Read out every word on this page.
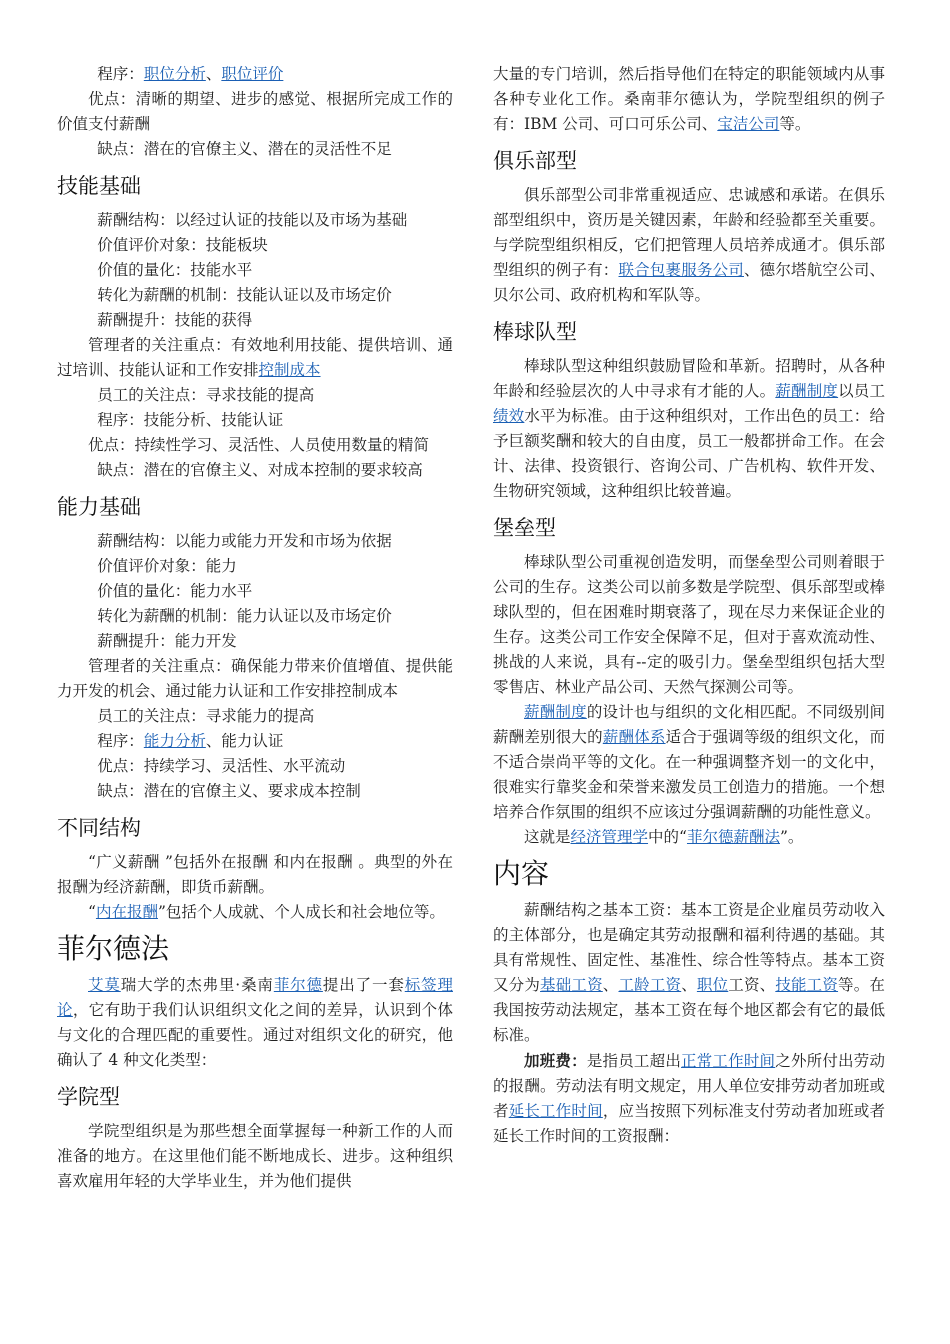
程序：职位分析、职位评价

优点：清晰的期望、进步的感觉、根据所完成工作的价值支付薪酬

缺点：潜在的官僚主义、潜在的灵活性不足

技能基础

薪酬结构：以经过认证的技能以及市场为基础

价值评价对象：技能板块

价值的量化：技能水平

转化为薪酬的机制：技能认证以及市场定价

薪酬提升：技能的获得

管理者的关注重点：有效地利用技能、提供培训、通过培训、技能认证和工作安排控制成本

员工的关注点：寻求技能的提高

程序：技能分析、技能认证

优点：持续性学习、灵活性、人员使用数量的精简

缺点：潜在的官僚主义、对成本控制的要求较高

能力基础

薪酬结构：以能力或能力开发和市场为依据

价值评价对象：能力

价值的量化：能力水平

转化为薪酬的机制：能力认证以及市场定价

薪酬提升：能力开发

管理者的关注重点：确保能力带来价值增值、提供能力开发的机会、通过能力认证和工作安排控制成本

员工的关注点：寻求能力的提高

程序：能力分析、能力认证

优点：持续学习、灵活性、水平流动

缺点：潜在的官僚主义、要求成本控制

不同结构

“广义薪酬 ”包括外在报酬 和内在报酬 。典型的外在报酬为经济薪酬，即货币薪酬。

“内在报酬”包括个人成就、个人成长和社会地位等。

菲尔德法

艾莫瑞大学的杰弗里·桑南菲尔德提出了一套标签理论，它有助于我们认识组织文化之间的差异，认识到个体与文化的合理匹配的重要性。通过对组织文化的研究，他确认了 4 种文化类型：

学院型

学院型组织是为那些想全面掌握每一种新工作的人而准备的地方。在这里他们能不断地成长、进步。这种组织喜欢雇用年轻的大学毕业生，并为他们提供

大量的专门培训，然后指导他们在特定的职能领域内从事各种专业化工作。桑南菲尔德认为，学院型组织的例子有：IBM 公司、可口可乐公司、宝洁公司等。

俱乐部型

俱乐部型公司非常重视适应、忠诚感和承诺。在俱乐部型组织中，资历是关键因素，年龄和经验都至关重要。与学院型组织相反，它们把管理人员培养成通才。俱乐部型组织的例子有：联合包裹服务公司、德尔塔航空公司、贝尔公司、政府机构和军队等。

棒球队型

棒球队型这种组织鼓励冒险和革新。招聘时，从各种年龄和经验层次的人中寻求有才能的人。薪酬制度以员工绩效水平为标准。由于这种组织对，工作出色的员工：给予巨额奖酬和较大的自由度，员工一般都拼命工作。在会计、法律、投资银行、咨询公司、广告机构、软件开发、生物研究领域，这种组织比较普遍。

堡垒型

棒球队型公司重视创造发明，而堡垒型公司则着眼于公司的生存。这类公司以前多数是学院型、俱乐部型或棒球队型的，但在困难时期衰落了，现在尽力来保证企业的生存。这类公司工作安全保障不足，但对于喜欢流动性、挑战的人来说，具有--定的吸引力。堡垒型组织包括大型零售店、林业产品公司、天然气探测公司等。

薪酬制度的设计也与组织的文化相匹配。不同级别间薪酬差别很大的薪酬体系适合于强调等级的组织文化，而不适合崇尚平等的文化。在一种强调整齐划一的文化中，很难实行靠奖金和荣誉来激发员工创造力的措施。一个想培养合作氛围的组织不应该过分强调薪酬的功能性意义。

这就是经济管理学中的“菲尔德薪酬法”。

内容

薪酬结构之基本工资：基本工资是企业雇员劳动收入的主体部分，也是确定其劳动报酬和福利待遇的基础。其具有常规性、固定性、基准性、综合性等特点。基本工资又分为基础工资、工龄工资、职位工资、技能工资等。在我国按劳动法规定，基本工资在每个地区都会有它的最低标准。

加班费：是指员工超出正常工作时间之外所付出劳动的报酬。劳动法有明文规定，用人单位安排劳动者加班或者延长工作时间，应当按照下列标准支付劳动者加班或者延长工作时间的工资报酬：
